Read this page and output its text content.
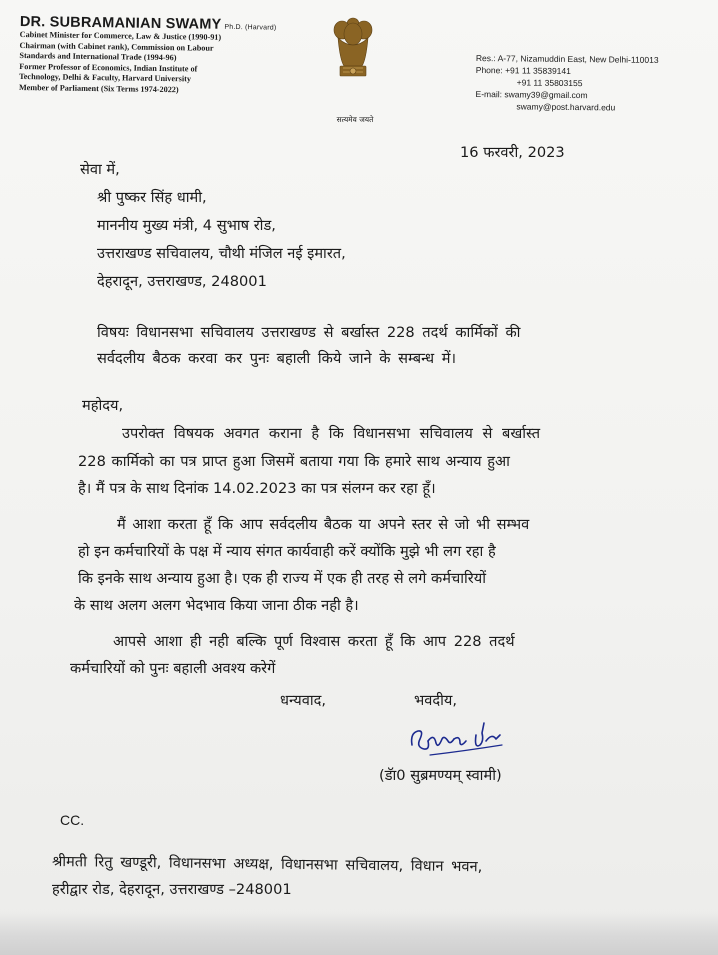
DR. SUBRAMANIAN SWAMY Ph.D. (Harvard)
Cabinet Minister for Commerce, Law & Justice (1990-91)
Chairman (with Cabinet rank), Commission on Labour
Standards and International Trade (1994-96)
Former Professor of Economics, Indian Institute of
Technology, Delhi & Faculty, Harvard University
Member of Parliament (Six Terms 1974-2022)
सत्यमेव जयते
Res.: A-77, Nizamuddin East, New Delhi-110013
Phone: +91 11 35839141
+91 11 35803155
E-mail: swamy39@gmail.com
swamy@post.harvard.edu
16 फरवरी, 2023
सेवा में,
श्री पुष्कर सिंह धामी,
माननीय मुख्य मंत्री, 4 सुभाष रोड,
उत्तराखण्ड सचिवालय, चौथी मंजिल नई इमारत,
देहरादून, उत्तराखण्ड, 248001
विषयः विधानसभा सचिवालय उत्तराखण्ड से बर्खास्त 228 तदर्थ कार्मिकों की
सर्वदलीय बैठक करवा कर पुनः बहाली किये जाने के सम्बन्ध में।
महोदय,
उपरोक्त विषयक अवगत कराना है कि विधानसभा सचिवालय से बर्खास्त
228 कार्मिको का पत्र प्राप्त हुआ जिसमें बताया गया कि हमारे साथ अन्याय हुआ
है। मैं पत्र के साथ दिनांक 14.02.2023 का पत्र संलग्न कर रहा हूँ।
मैं आशा करता हूँ कि आप सर्वदलीय बैठक या अपने स्तर से जो भी सम्भव
हो इन कर्मचारियों के पक्ष में न्याय संगत कार्यवाही करें क्योंकि मुझे भी लग रहा है
कि इनके साथ अन्याय हुआ है। एक ही राज्य में एक ही तरह से लगे कर्मचारियों
के साथ अलग अलग भेदभाव किया जाना ठीक नही है।
आपसे आशा ही नही बल्कि पूर्ण विश्वास करता हूँ कि आप 228 तदर्थ
कर्मचारियों को पुनः बहाली अवश्य करेगें
धन्यवाद,	भवदीय,
(डॅा0 सुब्रमण्यम् स्वामी)
CC.
श्रीमती रितु खण्डूरी, विधानसभा अध्यक्ष, विधानसभा सचिवालय, विधान भवन,
हरीद्वार रोड, देहरादून, उत्तराखण्ड –248001
